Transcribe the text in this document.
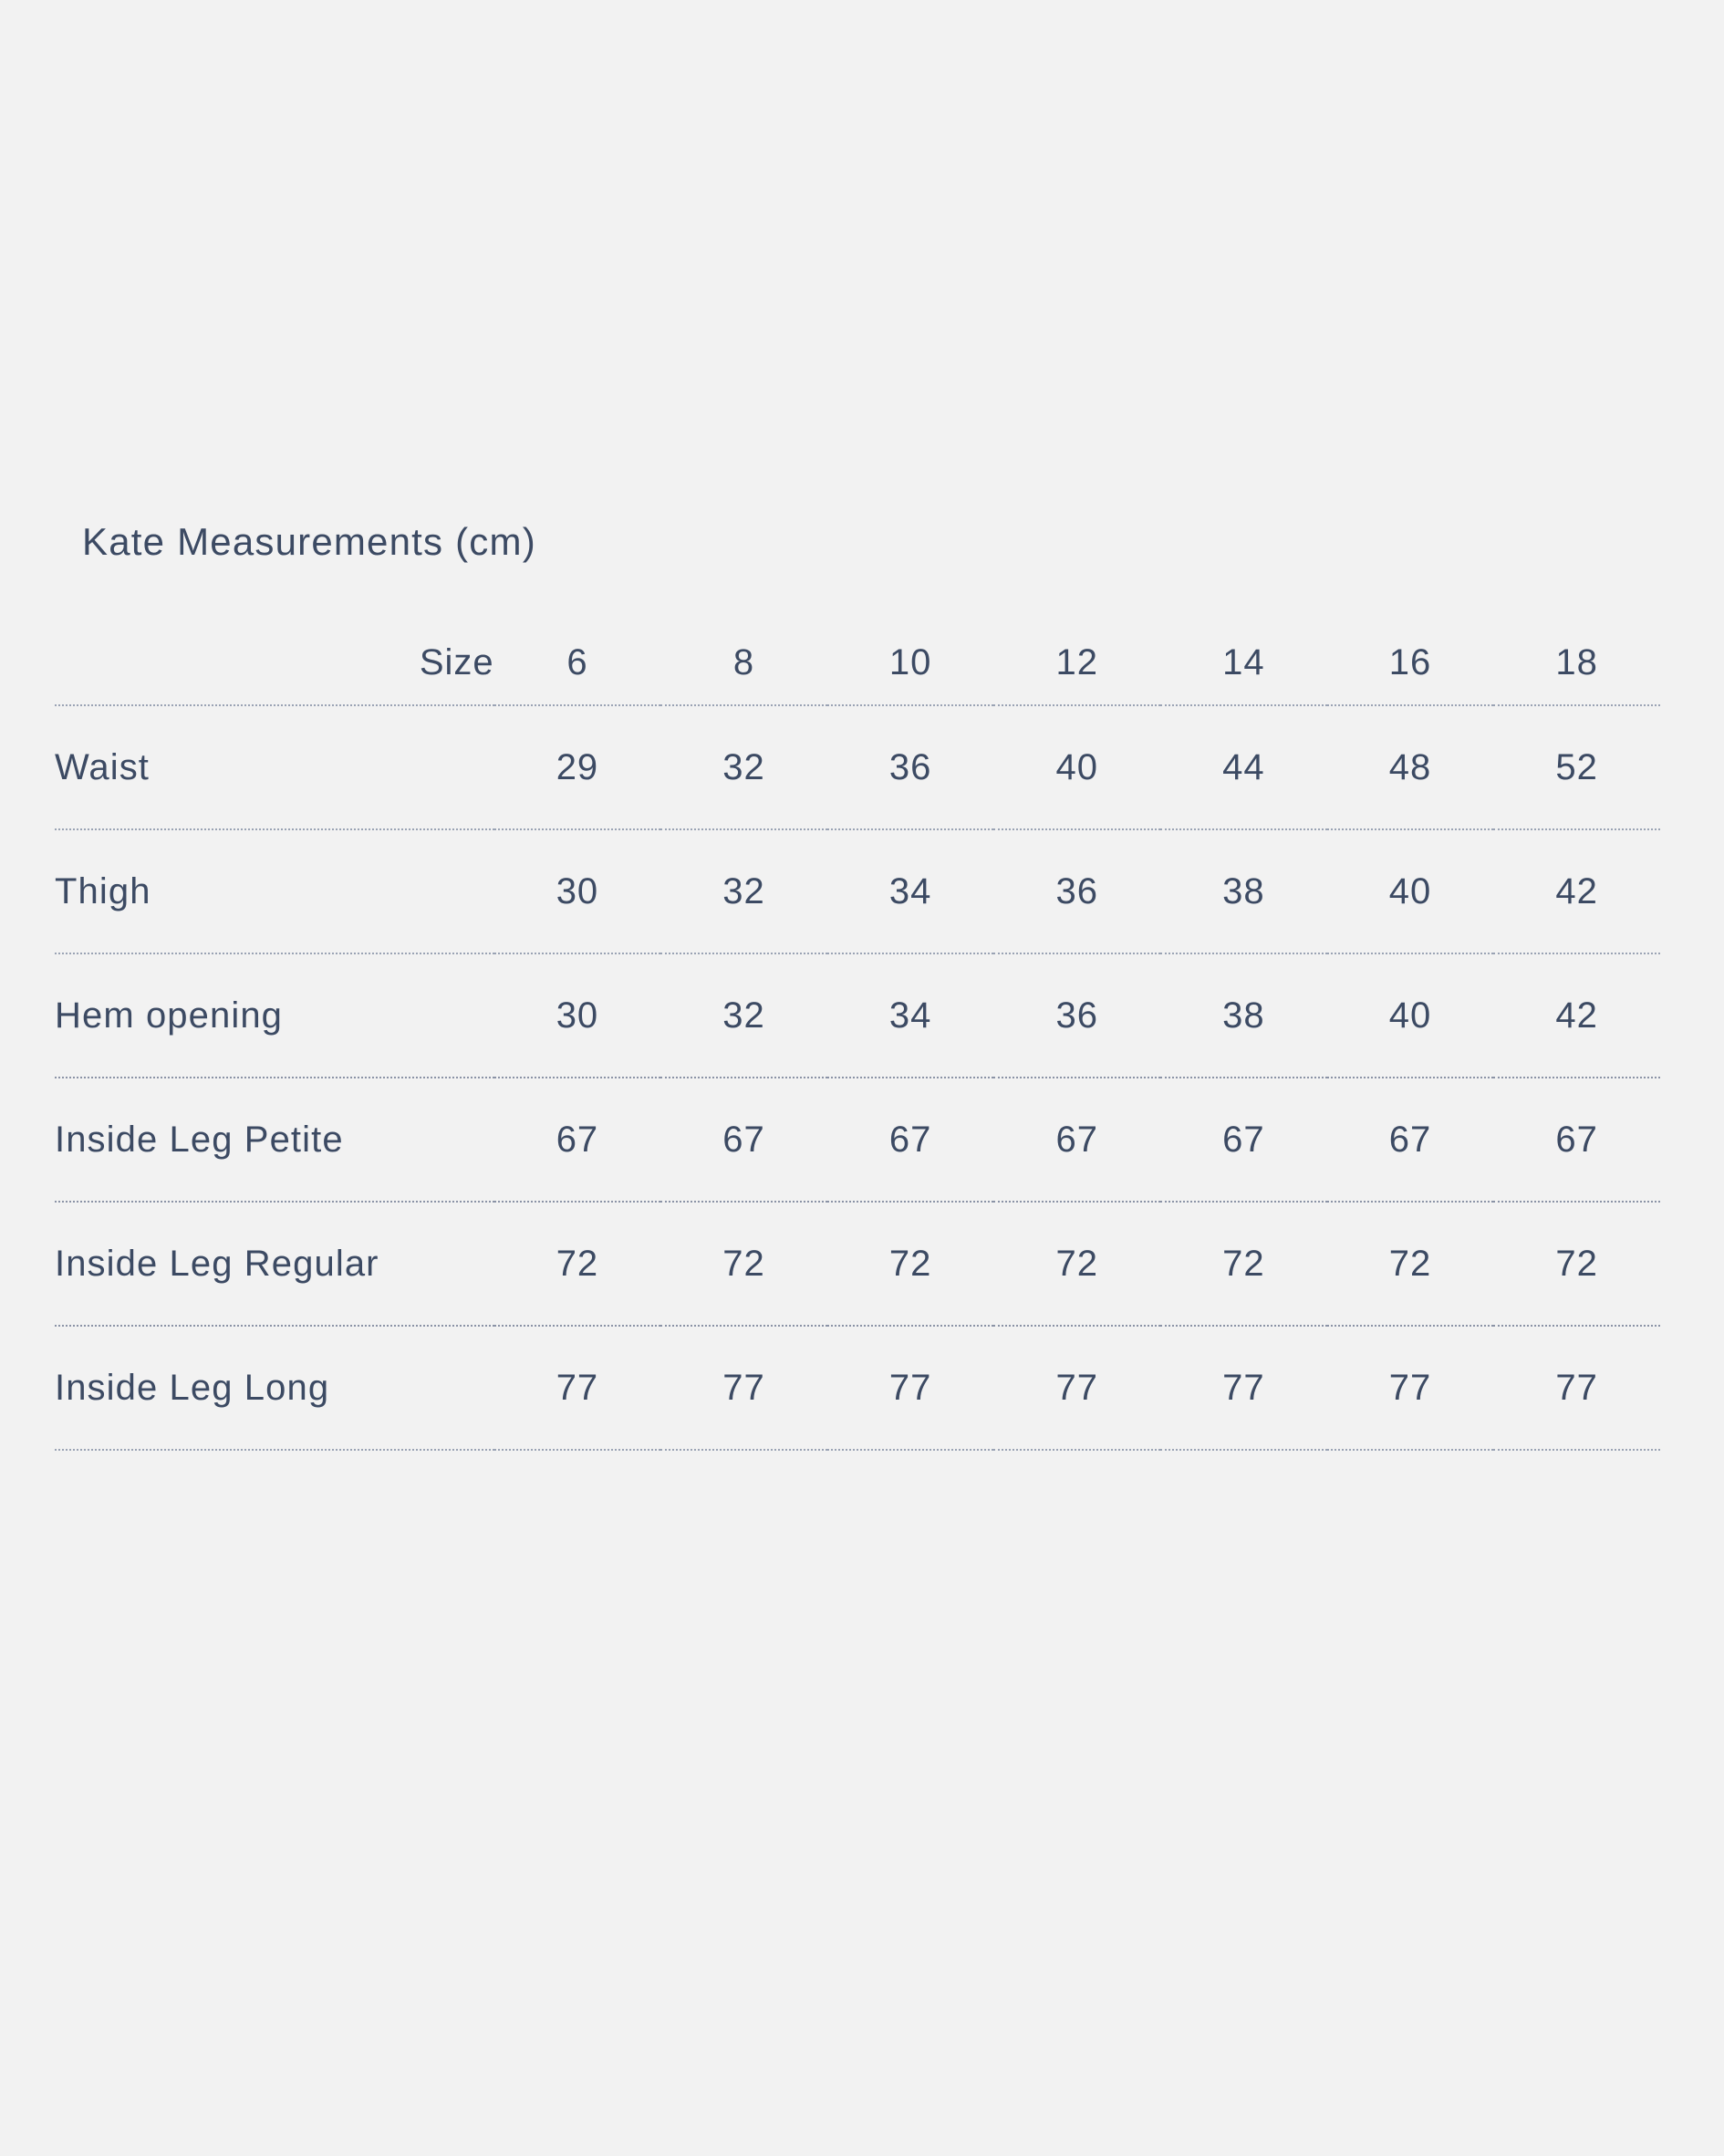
Kate Measurements (cm)
Size	6	8	10	12	14	16	18

Waist	29	32	36	40	44	48	52

Thigh	30	32	34	36	38	40	42

Hem opening	30	32	34	36	38	40	42

Inside Leg Petite	67	67	67	67	67	67	67

Inside Leg Regular	72	72	72	72	72	72	72

Inside Leg Long	77	77	77	77	77	77	77
